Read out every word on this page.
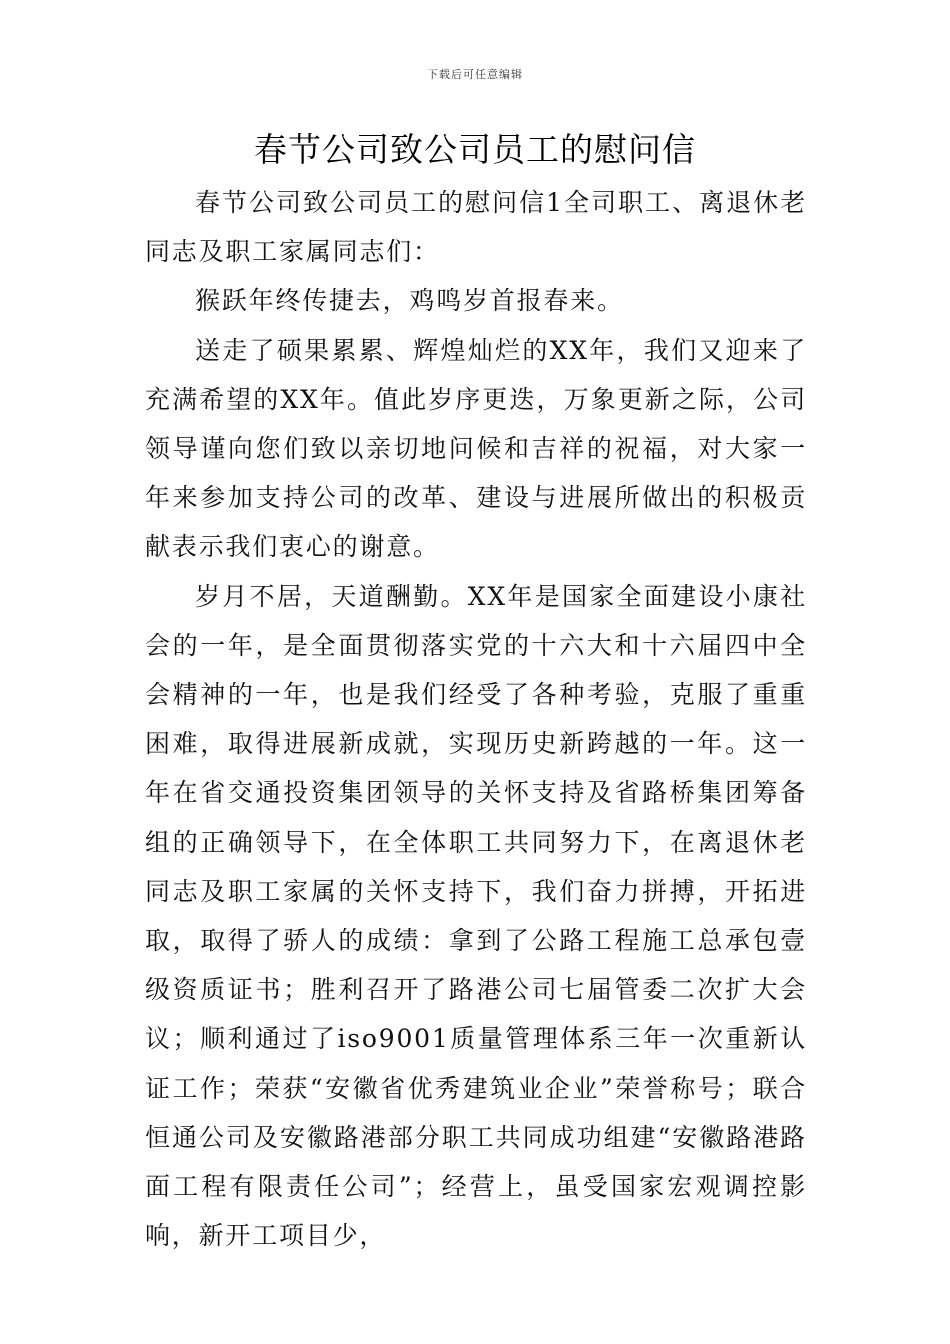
下载后可任意编辑
春节公司致公司员工的慰问信

春节公司致公司员工的慰问信1全司职工、离退休老同志及职工家属同志们：

猴跃年终传捷去，鸡鸣岁首报春来。

送走了硕果累累、辉煌灿烂的XX年，我们又迎来了充满希望的XX年。值此岁序更迭，万象更新之际，公司领导谨向您们致以亲切地问候和吉祥的祝福，对大家一年来参加支持公司的改革、建设与进展所做出的积极贡献表示我们衷心的谢意。

岁月不居，天道酬勤。XX年是国家全面建设小康社会的一年，是全面贯彻落实党的十六大和十六届四中全会精神的一年，也是我们经受了各种考验，克服了重重困难，取得进展新成就，实现历史新跨越的一年。这一年在省交通投资集团领导的关怀支持及省路桥集团筹备组的正确领导下，在全体职工共同努力下，在离退休老同志及职工家属的关怀支持下，我们奋力拼搏，开拓进取，取得了骄人的成绩：拿到了公路工程施工总承包壹级资质证书；胜利召开了路港公司七届管委二次扩大会议；顺利通过了iso9001质量管理体系三年一次重新认证工作；荣获“安徽省优秀建筑业企业”荣誉称号；联合恒通公司及安徽路港部分职工共同成功组建“安徽路港路面工程有限责任公司”；经营上，虽受国家宏观调控影响，新开工项目少，
